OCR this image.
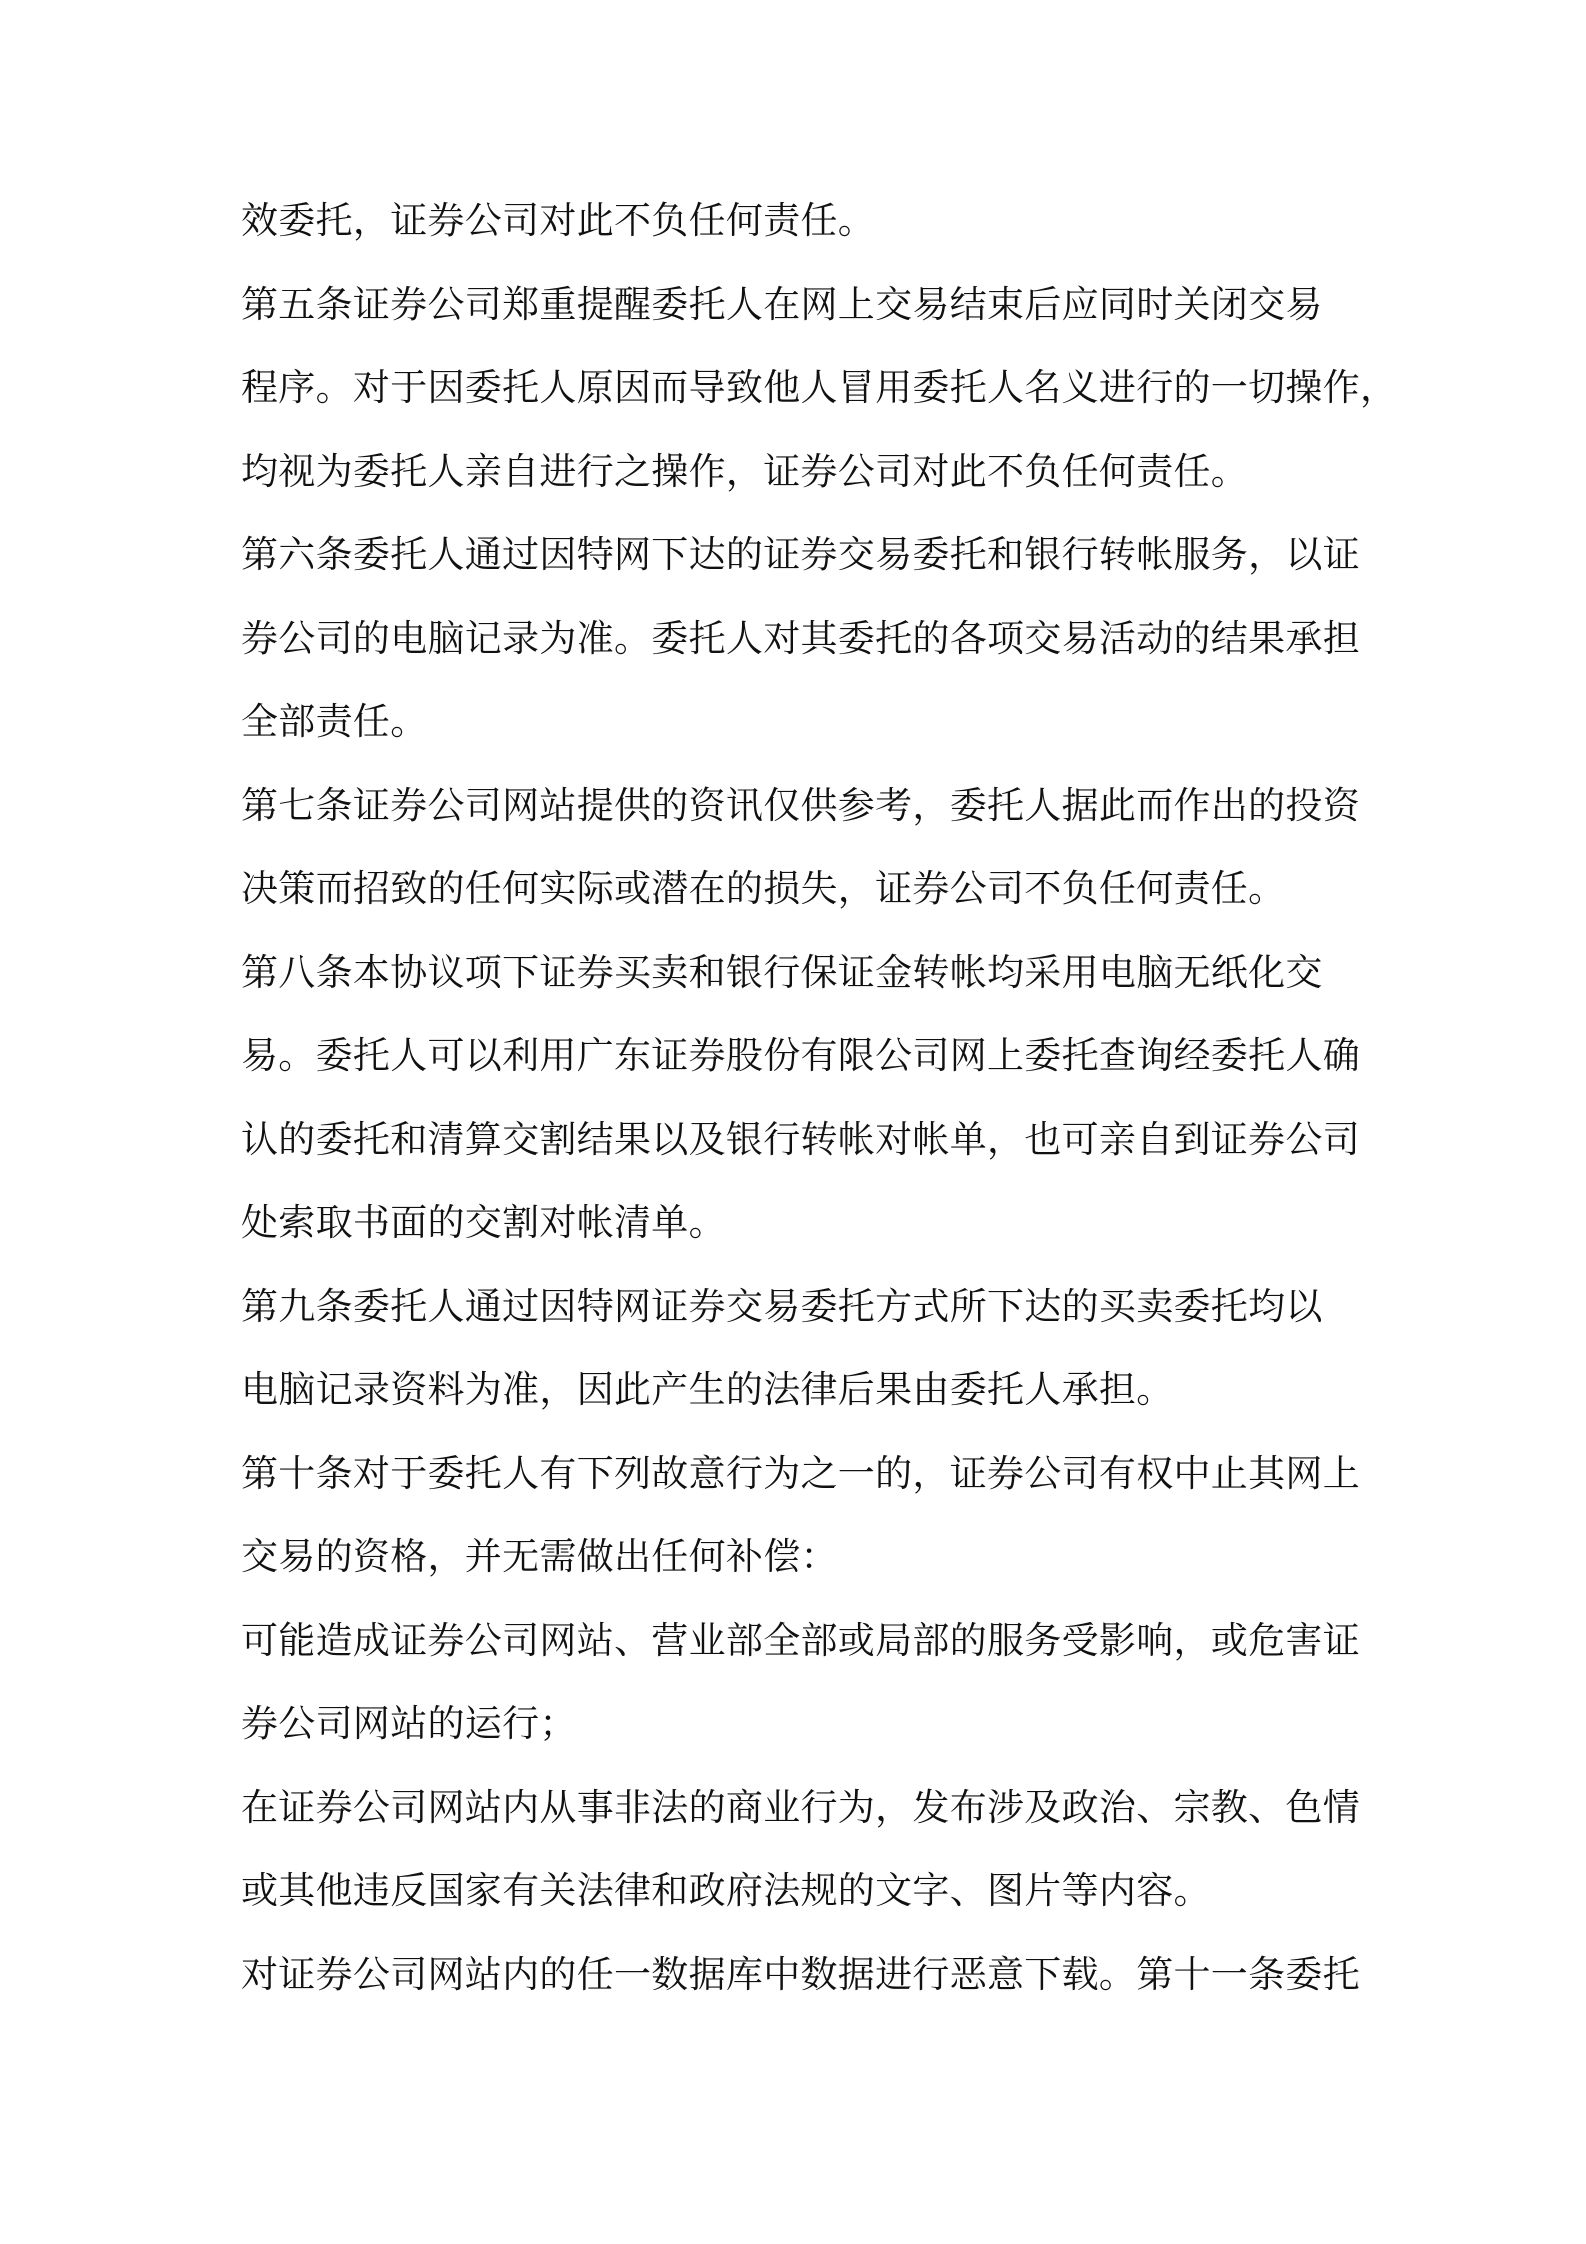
效委托，证券公司对此不负任何责任。
第五条证券公司郑重提醒委托人在网上交易结束后应同时关闭交易
程序。对于因委托人原因而导致他人冒用委托人名义进行的一切操作，
均视为委托人亲自进行之操作，证券公司对此不负任何责任。
第六条委托人通过因特网下达的证券交易委托和银行转帐服务，以证
券公司的电脑记录为准。委托人对其委托的各项交易活动的结果承担
全部责任。
第七条证券公司网站提供的资讯仅供参考，委托人据此而作出的投资
决策而招致的任何实际或潜在的损失，证券公司不负任何责任。
第八条本协议项下证券买卖和银行保证金转帐均采用电脑无纸化交
易。委托人可以利用广东证券股份有限公司网上委托查询经委托人确
认的委托和清算交割结果以及银行转帐对帐单，也可亲自到证券公司
处索取书面的交割对帐清单。
第九条委托人通过因特网证券交易委托方式所下达的买卖委托均以
电脑记录资料为准，因此产生的法律后果由委托人承担。
第十条对于委托人有下列故意行为之一的，证券公司有权中止其网上
交易的资格，并无需做出任何补偿：
可能造成证券公司网站、营业部全部或局部的服务受影响，或危害证
券公司网站的运行；
在证券公司网站内从事非法的商业行为，发布涉及政治、宗教、色情
或其他违反国家有关法律和政府法规的文字、图片等内容。
对证券公司网站内的任一数据库中数据进行恶意下载。第十一条委托
